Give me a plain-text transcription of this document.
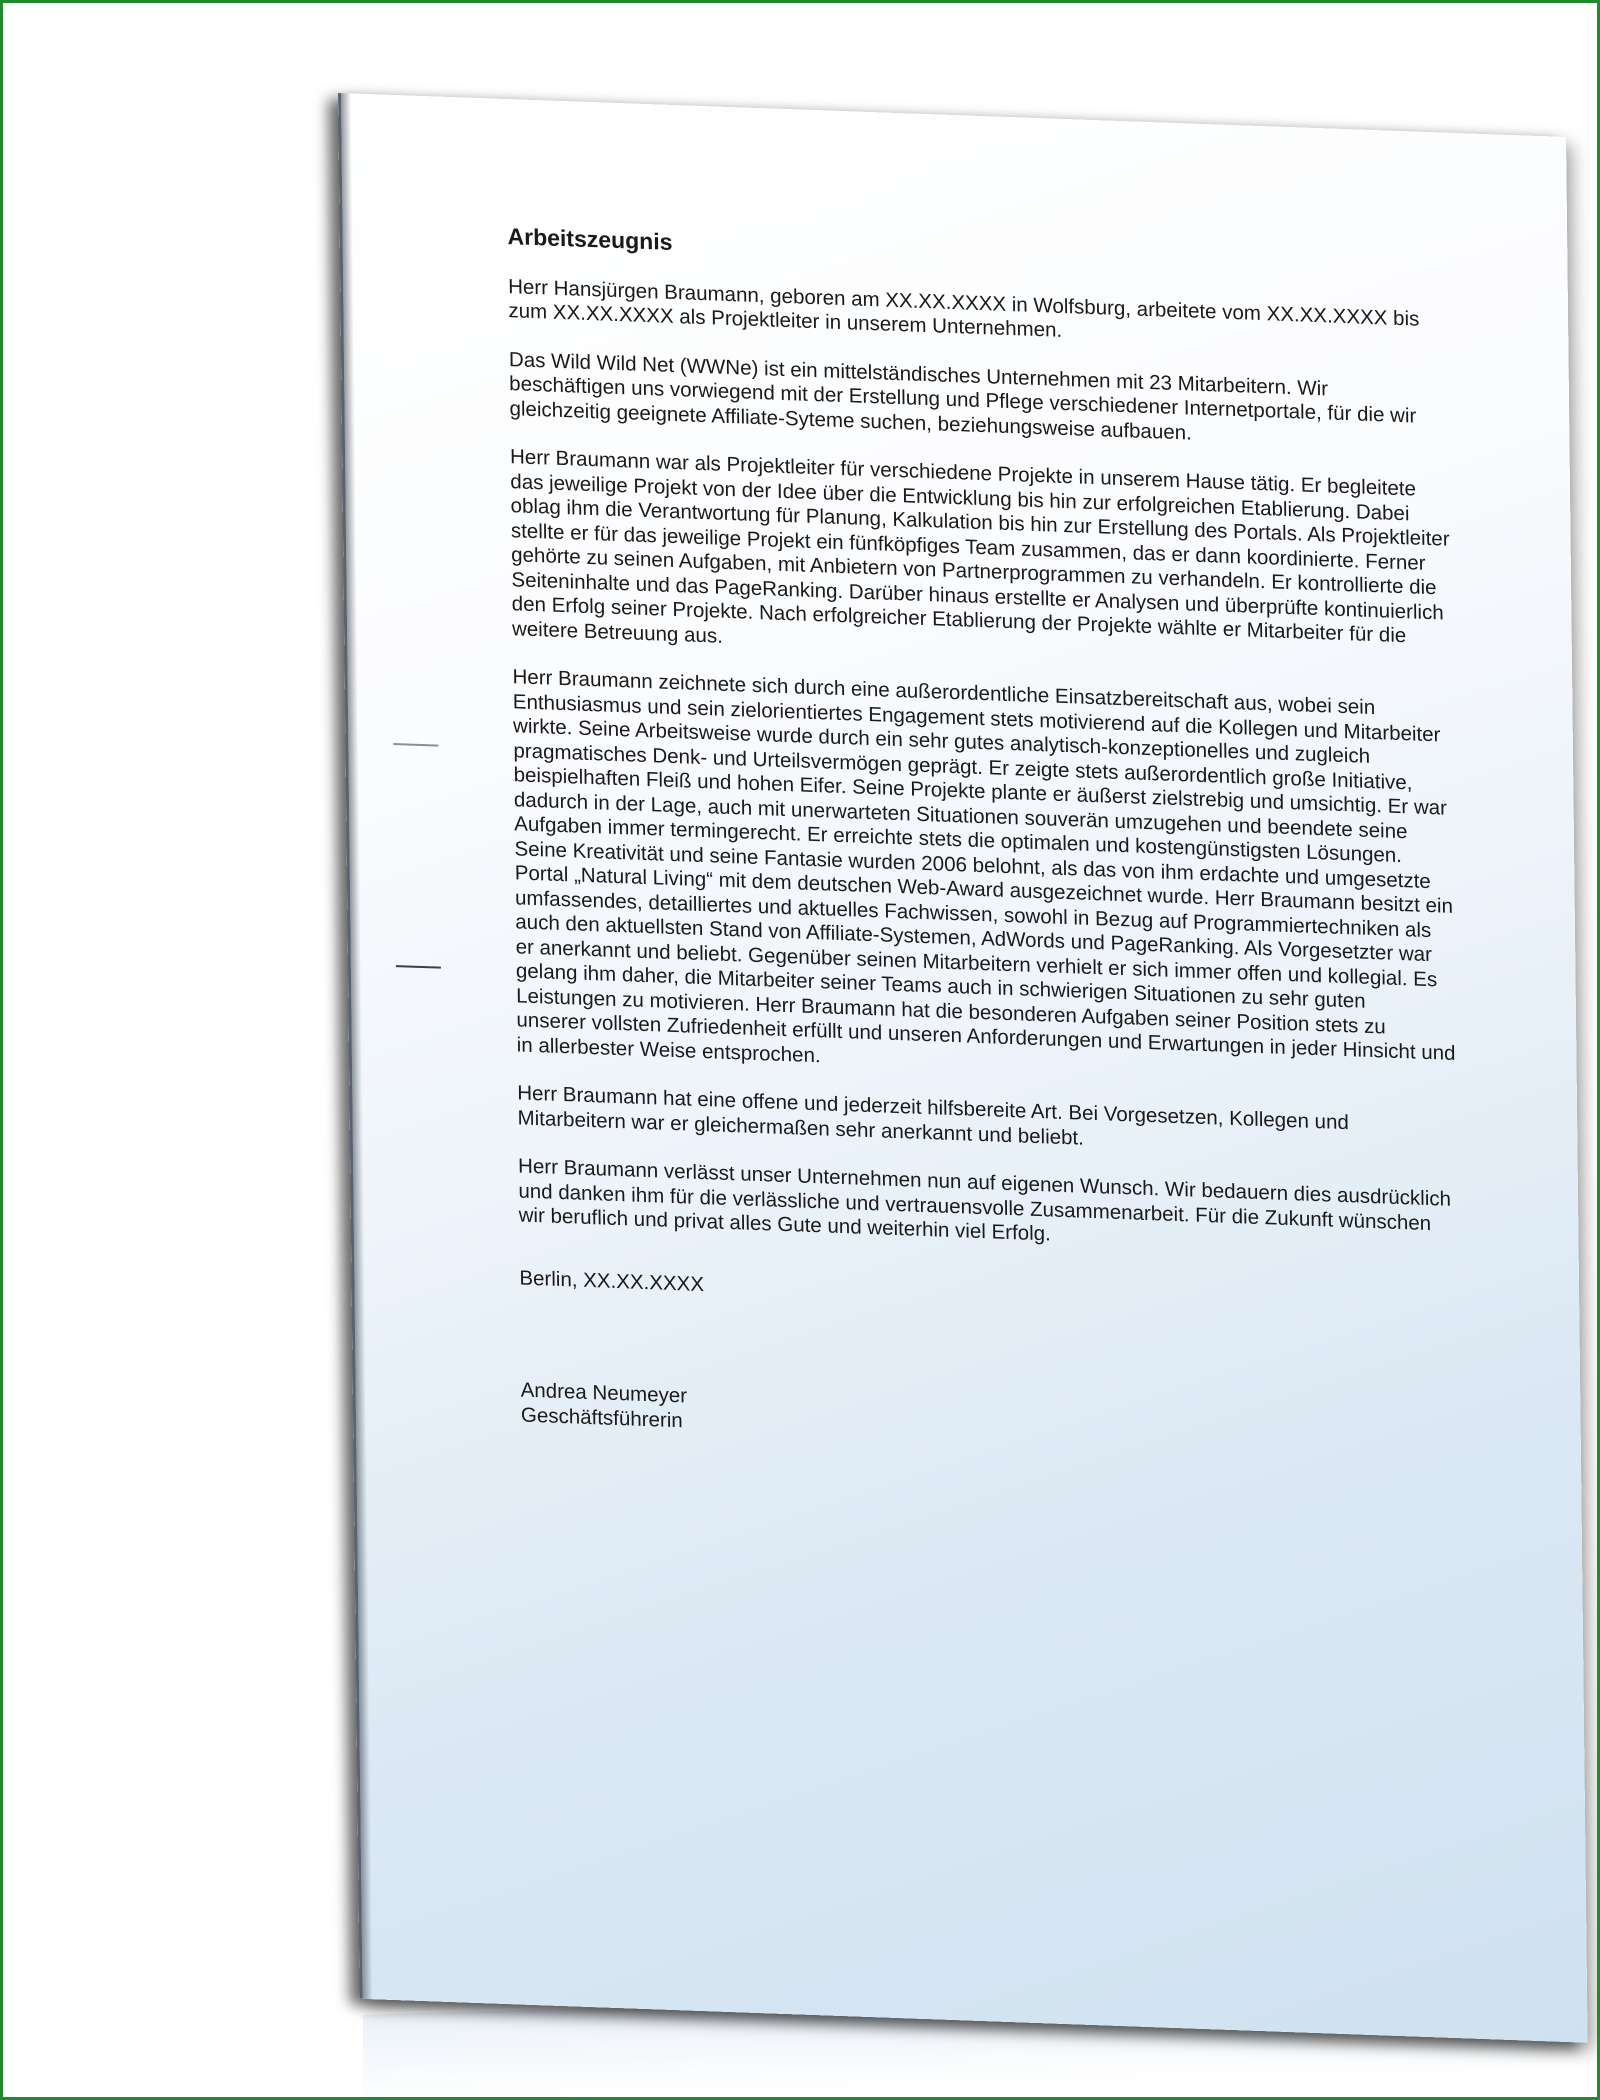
Arbeitszeugnis

Herr Hansjürgen Braumann, geboren am XX.XX.XXXX in Wolfsburg, arbeitete vom XX.XX.XXXX bis zum XX.XX.XXXX als Projektleiter in unserem Unternehmen.

Das Wild Wild Net (WWNe) ist ein mittelständisches Unternehmen mit 23 Mitarbeitern. Wir beschäftigen uns vorwiegend mit der Erstellung und Pflege verschiedener Internetportale, für die wir gleichzeitig geeignete Affiliate-Syteme suchen, beziehungsweise aufbauen.

Herr Braumann war als Projektleiter für verschiedene Projekte in unserem Hause tätig. Er begleitete das jeweilige Projekt von der Idee über die Entwicklung bis hin zur erfolgreichen Etablierung. Dabei oblag ihm die Verantwortung für Planung, Kalkulation bis hin zur Erstellung des Portals. Als Projektleiter stellte er für das jeweilige Projekt ein fünfköpfiges Team zusammen, das er dann koordinierte. Ferner gehörte zu seinen Aufgaben, mit Anbietern von Partnerprogrammen zu verhandeln. Er kontrollierte die Seiteninhalte und das PageRanking. Darüber hinaus erstellte er Analysen und überprüfte kontinuierlich den Erfolg seiner Projekte. Nach erfolgreicher Etablierung der Projekte wählte er Mitarbeiter für die weitere Betreuung aus.

Herr Braumann zeichnete sich durch eine außerordentliche Einsatzbereitschaft aus, wobei sein Enthusiasmus und sein zielorientiertes Engagement stets motivierend auf die Kollegen und Mitarbeiter wirkte. Seine Arbeitsweise wurde durch ein sehr gutes analytisch-konzeptionelles und zugleich pragmatisches Denk- und Urteilsvermögen geprägt. Er zeigte stets außerordentlich große Initiative, beispielhaften Fleiß und hohen Eifer. Seine Projekte plante er äußerst zielstrebig und umsichtig. Er war dadurch in der Lage, auch mit unerwarteten Situationen souverän umzugehen und beendete seine Aufgaben immer termingerecht. Er erreichte stets die optimalen und kostengünstigsten Lösungen. Seine Kreativität und seine Fantasie wurden 2006 belohnt, als das von ihm erdachte und umgesetzte Portal „Natural Living“ mit dem deutschen Web-Award ausgezeichnet wurde. Herr Braumann besitzt ein umfassendes, detailliertes und aktuelles Fachwissen, sowohl in Bezug auf Programmiertechniken als auch den aktuellsten Stand von Affiliate-Systemen, AdWords und PageRanking. Als Vorgesetzter war er anerkannt und beliebt. Gegenüber seinen Mitarbeitern verhielt er sich immer offen und kollegial. Es gelang ihm daher, die Mitarbeiter seiner Teams auch in schwierigen Situationen zu sehr guten Leistungen zu motivieren. Herr Braumann hat die besonderen Aufgaben seiner Position stets zu unserer vollsten Zufriedenheit erfüllt und unseren Anforderungen und Erwartungen in jeder Hinsicht und in allerbester Weise entsprochen.

Herr Braumann hat eine offene und jederzeit hilfsbereite Art. Bei Vorgesetzen, Kollegen und Mitarbeitern war er gleichermaßen sehr anerkannt und beliebt.

Herr Braumann verlässt unser Unternehmen nun auf eigenen Wunsch. Wir bedauern dies ausdrücklich und danken ihm für die verlässliche und vertrauensvolle Zusammenarbeit. Für die Zukunft wünschen wir beruflich und privat alles Gute und weiterhin viel Erfolg.

Berlin, XX.XX.XXXX

Andrea Neumeyer

Geschäftsführerin
